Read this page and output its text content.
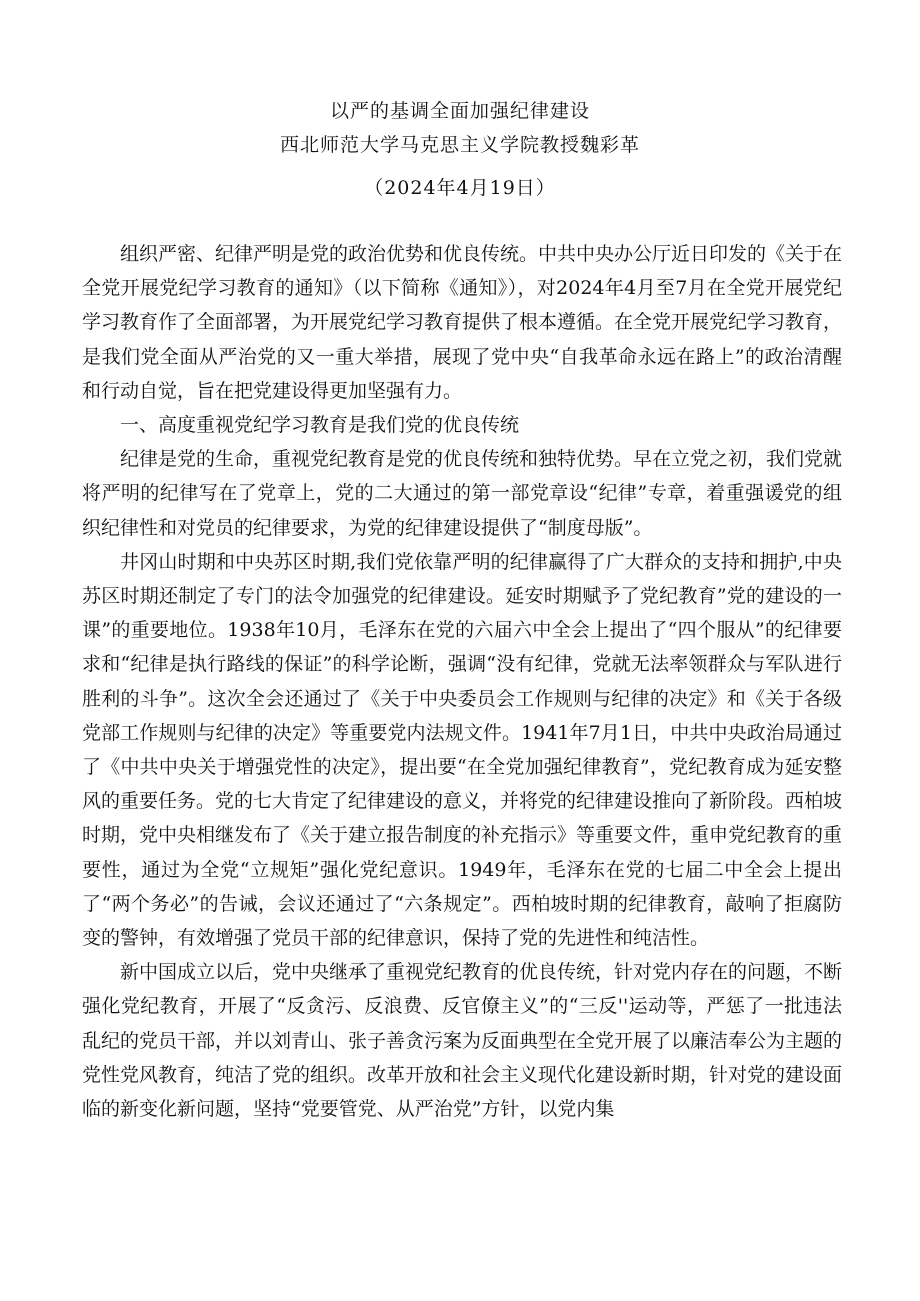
以严的基调全面加强纪律建设
西北师范大学马克思主义学院教授魏彩革
（2024年4月19日）

组织严密、纪律严明是党的政治优势和优良传统。中共中央办公厅近日印发的《关于在全党开展党纪学习教育的通知》（以下简称《通知》），对2024年4月至7月在全党开展党纪学习教育作了全面部署，为开展党纪学习教育提供了根本遵循。在全党开展党纪学习教育，是我们党全面从严治党的又一重大举措，展现了党中央“自我革命永远在路上”的政治清醒和行动自觉，旨在把党建设得更加坚强有力。

一、高度重视党纪学习教育是我们党的优良传统

纪律是党的生命，重视党纪教育是党的优良传统和独特优势。早在立党之初，我们党就将严明的纪律写在了党章上，党的二大通过的第一部党章设“纪律”专章，着重强谖党的组织纪律性和对党员的纪律要求，为党的纪律建设提供了“制度母版”。

井冈山时期和中央苏区时期,我们党依靠严明的纪律赢得了广大群众的支持和拥护,中央苏区时期还制定了专门的法令加强党的纪律建设。延安时期赋予了党纪教育”党的建设的一课”的重要地位。1938年10月，毛泽东在党的六届六中全会上提出了“四个服从”的纪律要求和“纪律是执行路线的保证”的科学论断，强调“没有纪律，党就无法率领群众与军队进行胜利的斗争”。这次全会还通过了《关于中央委员会工作规则与纪律的决定》和《关于各级党部工作规则与纪律的决定》等重要党内法规文件。1941年7月1日，中共中央政治局通过了《中共中央关于增强党性的决定》，提出要“在全党加强纪律教育”，党纪教育成为延安整风的重要任务。党的七大肯定了纪律建设的意义，并将党的纪律建设推向了新阶段。西柏坡时期，党中央相继发布了《关于建立报告制度的补充指示》等重要文件，重申党纪教育的重要性，通过为全党“立规矩”强化党纪意识。1949年，毛泽东在党的七届二中全会上提出了“两个务必”的告诫，会议还通过了“六条规定”。西柏坡时期的纪律教育，敲响了拒腐防变的警钟，有效增强了党员干部的纪律意识，保持了党的先进性和纯洁性。

新中国成立以后，党中央继承了重视党纪教育的优良传统，针对党内存在的问题，不断强化党纪教育，开展了“反贪污、反浪费、反官僚主义”的“三反''运动等，严惩了一批违法乱纪的党员干部，并以刘青山、张子善贪污案为反面典型在全党开展了以廉洁奉公为主题的党性党风教育，纯洁了党的组织。改革开放和社会主义现代化建设新时期，针对党的建设面临的新变化新问题，坚持“党要管党、从严治党”方针，以党内集
